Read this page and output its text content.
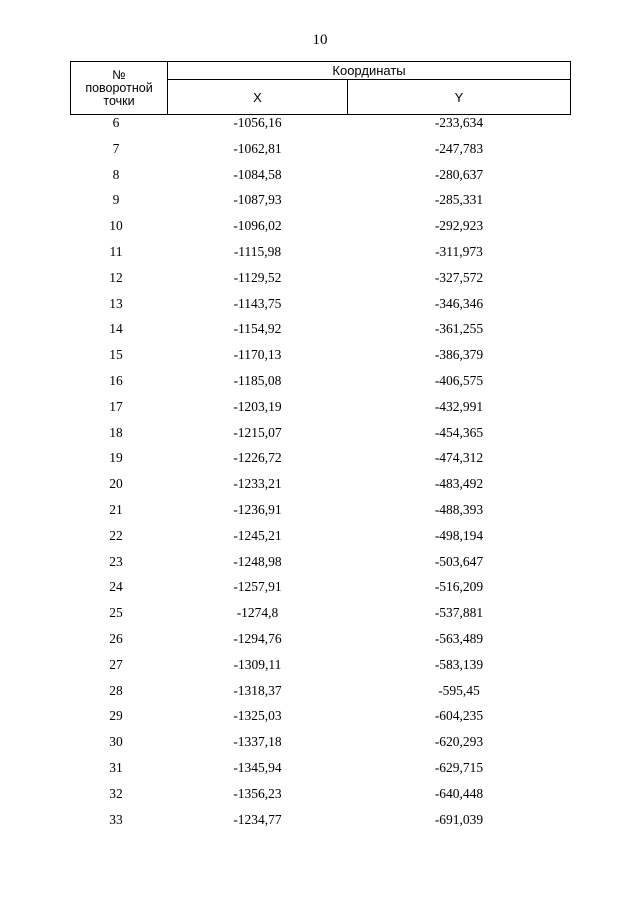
10
№
поворотной
точки	Координаты	
	X	Y
6	-1056,16	-233,634
7	-1062,81	-247,783
8	-1084,58	-280,637
9	-1087,93	-285,331
10	-1096,02	-292,923
11	-1115,98	-311,973
12	-1129,52	-327,572
13	-1143,75	-346,346
14	-1154,92	-361,255
15	-1170,13	-386,379
16	-1185,08	-406,575
17	-1203,19	-432,991
18	-1215,07	-454,365
19	-1226,72	-474,312
20	-1233,21	-483,492
21	-1236,91	-488,393
22	-1245,21	-498,194
23	-1248,98	-503,647
24	-1257,91	-516,209
25	-1274,8	-537,881
26	-1294,76	-563,489
27	-1309,11	-583,139
28	-1318,37	-595,45
29	-1325,03	-604,235
30	-1337,18	-620,293
31	-1345,94	-629,715
32	-1356,23	-640,448
33	-1234,77	-691,039
